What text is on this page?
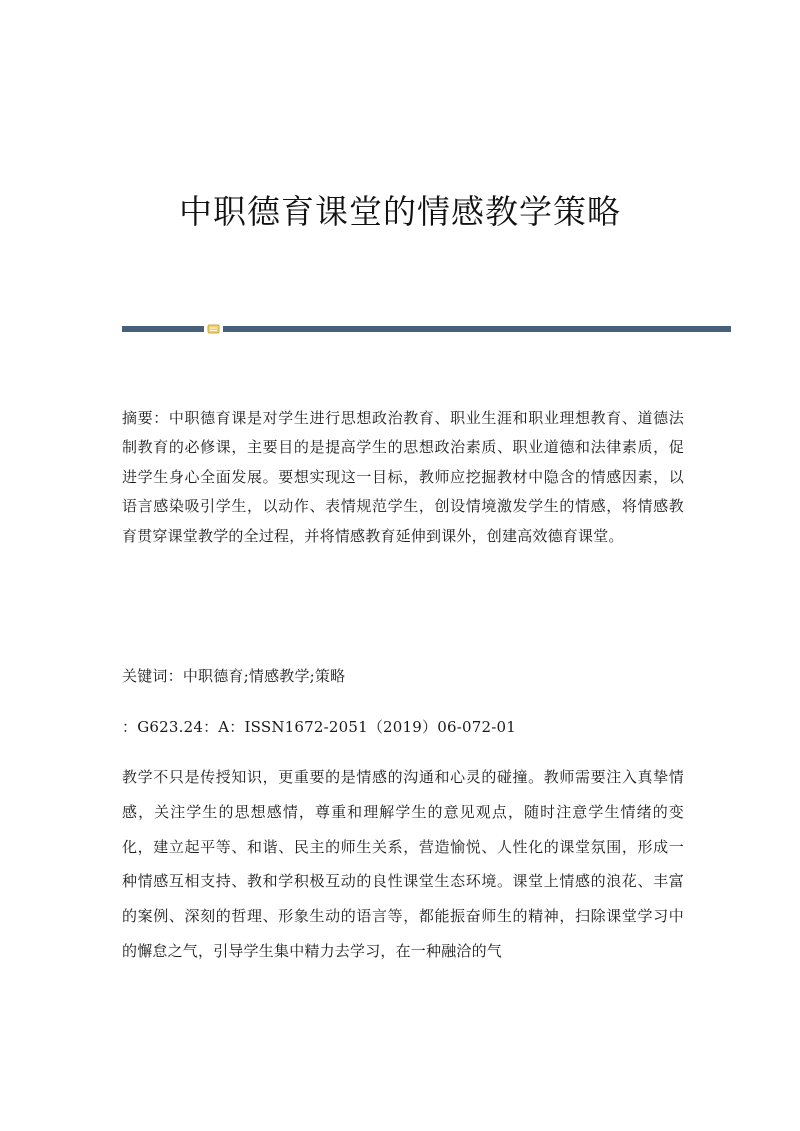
中职德育课堂的情感教学策略

摘要：中职德育课是对学生进行思想政治教育、职业生涯和职业理想教育、道德法制教育的必修课，主要目的是提高学生的思想政治素质、职业道德和法律素质，促进学生身心全面发展。要想实现这一目标，教师应挖掘教材中隐含的情感因素，以语言感染吸引学生，以动作、表情规范学生，创设情境激发学生的情感，将情感教育贯穿课堂教学的全过程，并将情感教育延伸到课外，创建高效德育课堂。

关键词：中职德育;情感教学;策略

：G623.24：A：ISSN1672-2051（2019）06-072-01

教学不只是传授知识，更重要的是情感的沟通和心灵的碰撞。教师需要注入真挚情感，关注学生的思想感情，尊重和理解学生的意见观点，随时注意学生情绪的变化，建立起平等、和谐、民主的师生关系，营造愉悦、人性化的课堂氛围，形成一种情感互相支持、教和学积极互动的良性课堂生态环境。课堂上情感的浪花、丰富的案例、深刻的哲理、形象生动的语言等，都能振奋师生的精神，扫除课堂学习中的懈怠之气，引导学生集中精力去学习，在一种融洽的气
